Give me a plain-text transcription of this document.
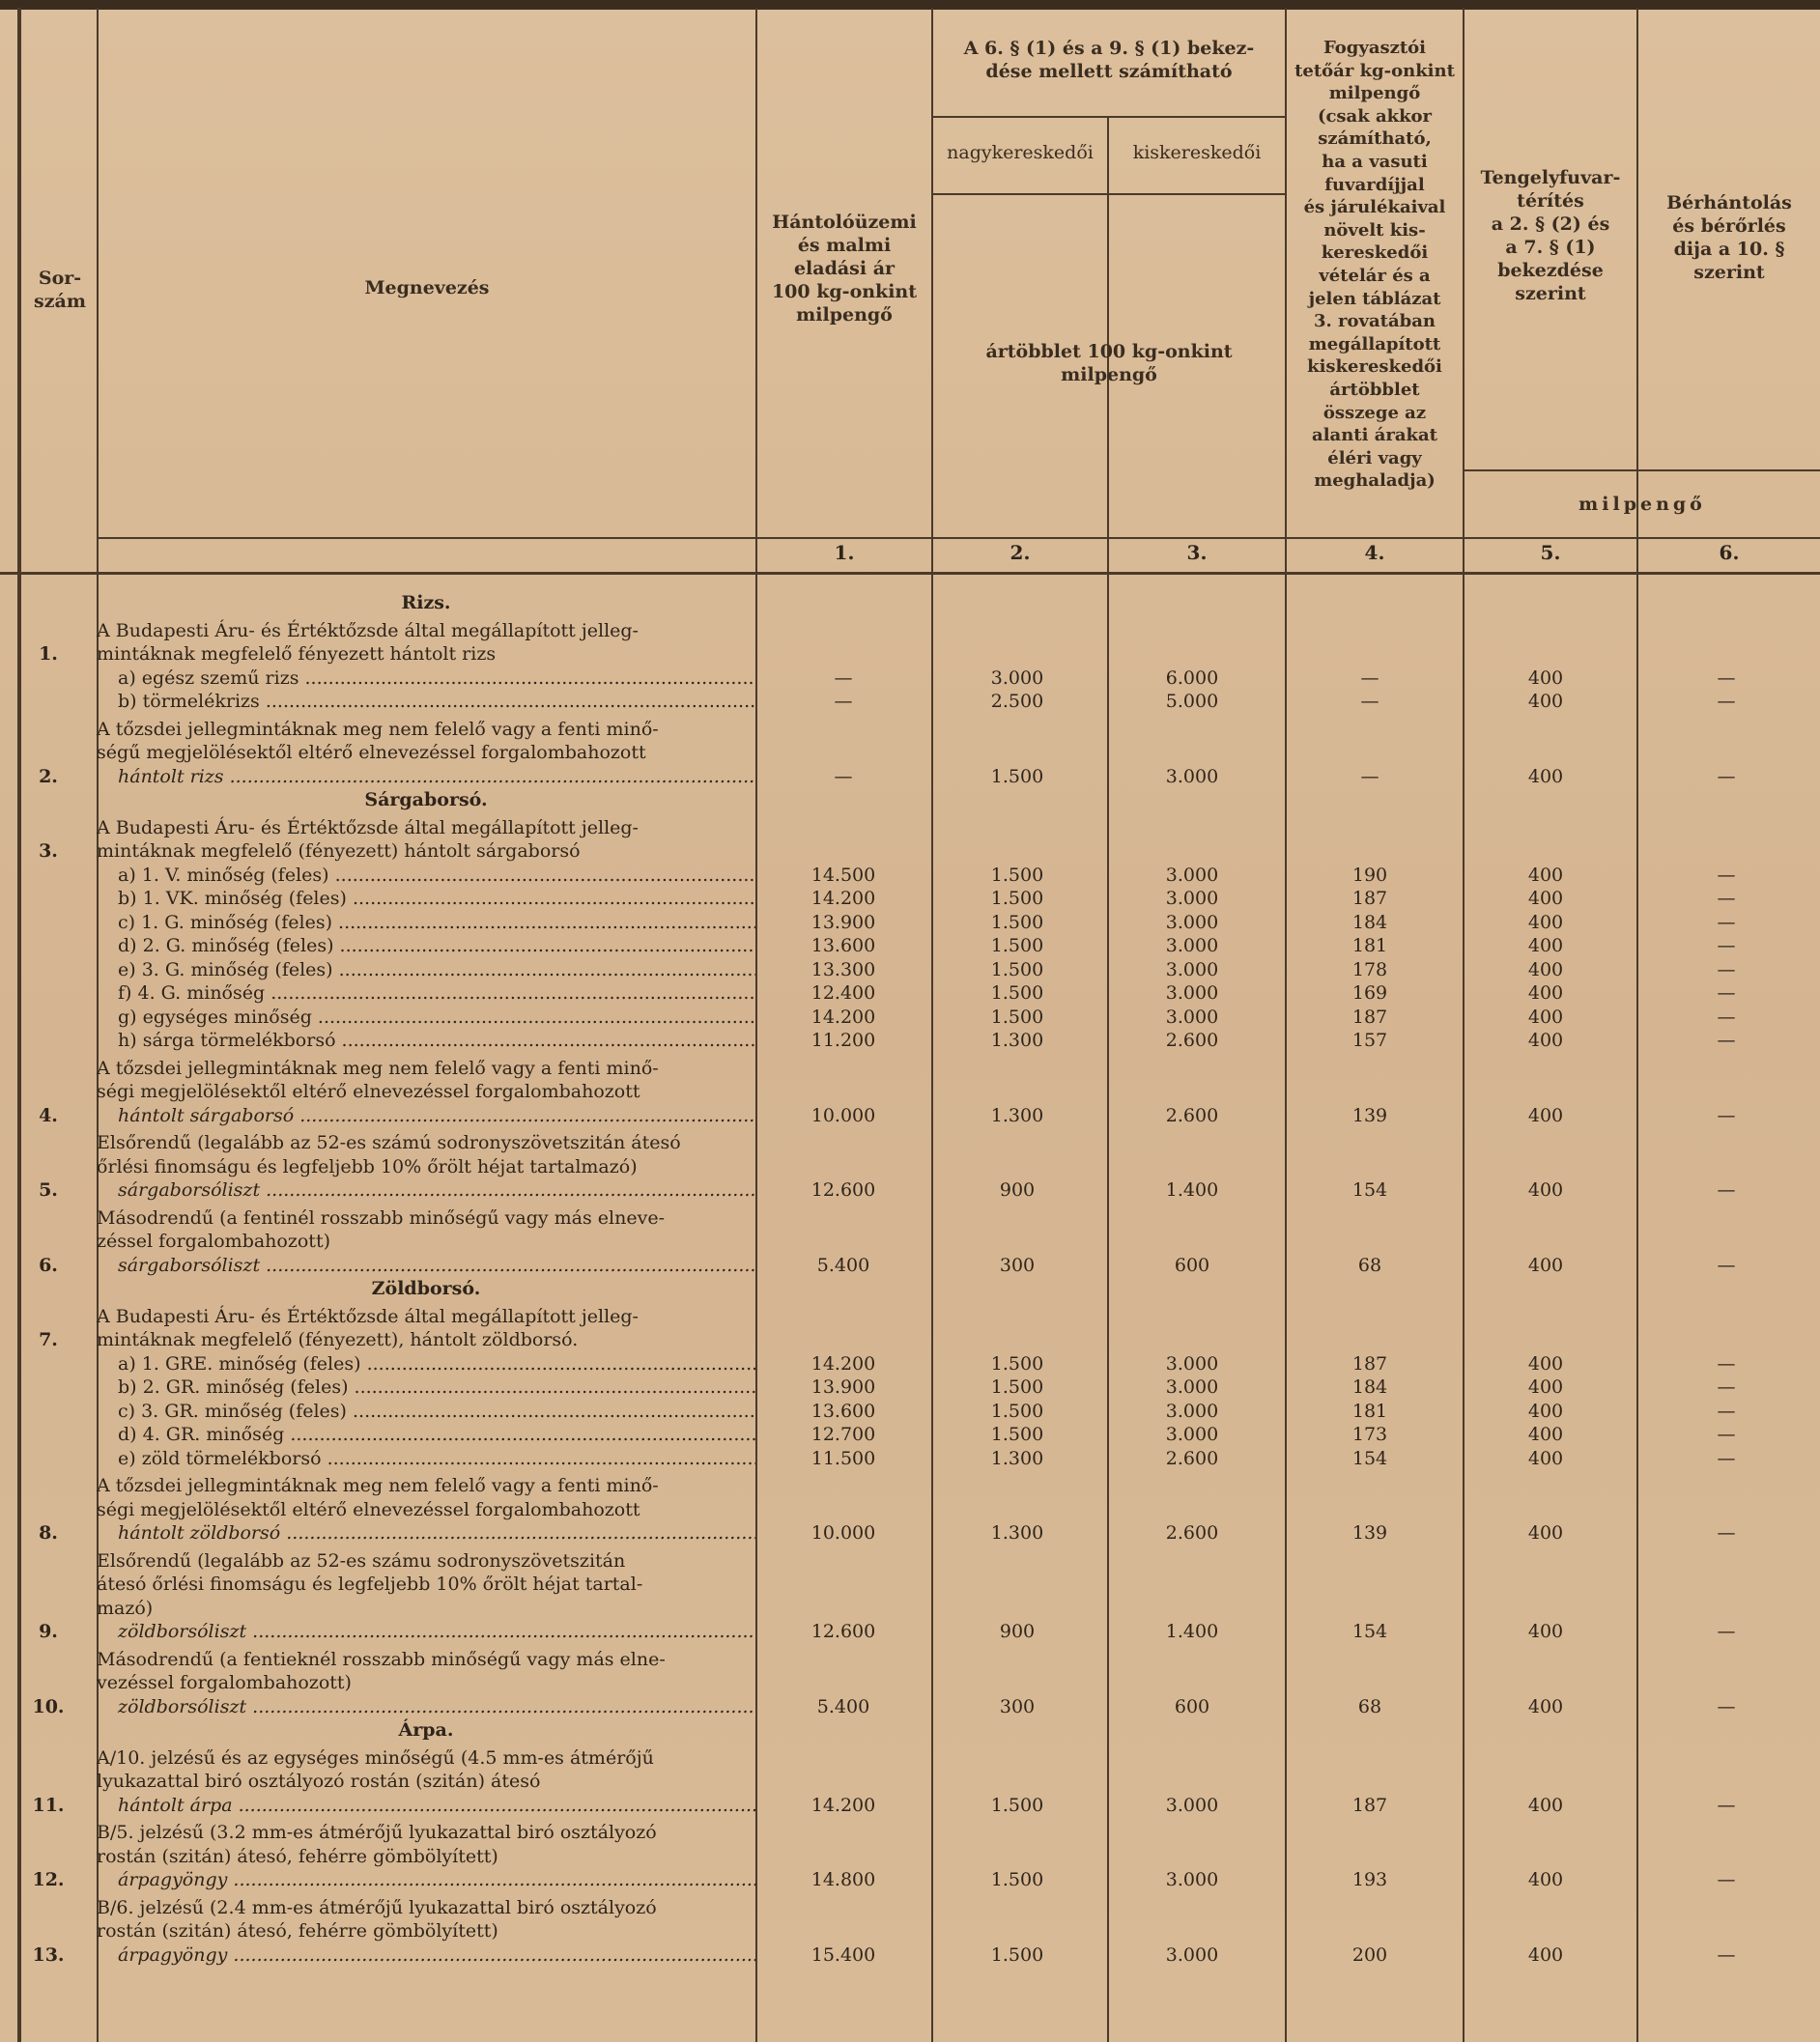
Sor-
szám
Megnevezés
Hántolóüzemi
és malmi
eladási ár
100 kg-onkint
milpengő
A 6. § (1) és a 9. § (1) bekez-
dése mellett számítható
nagykereskedői	kiskereskedői
ártöbblet 100 kg-onkint
milpengő
Fogyasztói
tetőár kg-onkint
milpengő
(csak akkor
számítható,
ha a vasuti
fuvardíjjal
és járulékaival
növelt kis-
kereskedői
vételár és a
jelen táblázat
3. rovatában
megállapított
kiskereskedői
ártöbblet
összege az
alanti árakat
éléri vagy
meghaladja)
Tengelyfuvar-
térítés
a 2. § (2) és
a 7. § (1)
bekezdése
szerint
Bérhántolás
és bérőrlés
dija a 10. §
szerint
milpengő
1.	2.	3.	4.	5.	6.
	Rizs.						
1.	A Budapesti Áru- és Értéktőzsde által megállapított jelleg-
mintáknak megfelelő fényezett hántolt rizs						

	a) egész szemű rizs .....	—	3.000	6.000	—	400	—

	b) törmelékrizs .....	—	2.500	5.000	—	400	—
2.	A tőzsdei jellegmintáknak meg nem felelő vagy a fenti minő-
ségű megjelölésektől eltérő elnevezéssel forgalombahozott
hántolt rizs .....	—	1.500	3.000	—	400	—
	Sárgaborsó.						
3.	A Budapesti Áru- és Értéktőzsde által megállapított jelleg-
mintáknak megfelelő (fényezett) hántolt sárgaborsó						

	a) 1. V. minőség (feles) .....	14.500	1.500	3.000	190	400	—

	b) 1. VK. minőség (feles) .....	14.200	1.500	3.000	187	400	—

	c) 1. G. minőség (feles) .....	13.900	1.500	3.000	184	400	—

	d) 2. G. minőség (feles) .....	13.600	1.500	3.000	181	400	—

	e) 3. G. minőség (feles) .....	13.300	1.500	3.000	178	400	—

	f) 4. G. minőség .....	12.400	1.500	3.000	169	400	—

	g) egységes minőség .....	14.200	1.500	3.000	187	400	—

	h) sárga törmelékborsó .....	11.200	1.300	2.600	157	400	—
4.	A tőzsdei jellegmintáknak meg nem felelő vagy a fenti minő-
ségi megjelölésektől eltérő elnevezéssel forgalombahozott
hántolt sárgaborsó .....	10.000	1.300	2.600	139	400	—
5.	Elsőrendű (legalább az 52-es számú sodronyszövetszitán átesó
őrlési finomságu és legfeljebb 10% őrölt héjat tartalmazó)
sárgaborsóliszt .....	12.600	900	1.400	154	400	—
6.	Másodrendű (a fentinél rosszabb minőségű vagy más elneve-
zéssel forgalombahozott)
sárgaborsóliszt .....	5.400	300	600	68	400	—
	Zöldborsó.						
7.	A Budapesti Áru- és Értéktőzsde által megállapított jelleg-
mintáknak megfelelő (fényezett), hántolt zöldborsó.						

	a) 1. GRE. minőség (feles) .....	14.200	1.500	3.000	187	400	—

	b) 2. GR. minőség (feles) .....	13.900	1.500	3.000	184	400	—

	c) 3. GR. minőség (feles) .....	13.600	1.500	3.000	181	400	—

	d) 4. GR. minőség .....	12.700	1.500	3.000	173	400	—

	e) zöld törmelékborsó .....	11.500	1.300	2.600	154	400	—
8.	A tőzsdei jellegmintáknak meg nem felelő vagy a fenti minő-
ségi megjelölésektől eltérő elnevezéssel forgalombahozott
hántolt zöldborsó .....	10.000	1.300	2.600	139	400	—
9.	Elsőrendű (legalább az 52-es számu sodronyszövetszitán
átesó őrlési finomságu és legfeljebb 10% őrölt héjat tartal-
mazó)
zöldborsóliszt .....	12.600	900	1.400	154	400	—
10.	Másodrendű (a fentieknél rosszabb minőségű vagy más elne-
vezéssel forgalombahozott)
zöldborsóliszt .....	5.400	300	600	68	400	—
	Árpa.						
11.	A/10. jelzésű és az egységes minőségű (4.5 mm-es átmérőjű
lyukazattal biró osztályozó rostán (szitán) átesó
hántolt árpa .....	14.200	1.500	3.000	187	400	—
12.	B/5. jelzésű (3.2 mm-es átmérőjű lyukazattal biró osztályozó
rostán (szitán) átesó, fehérre gömbölyített)
árpagyöngy .....	14.800	1.500	3.000	193	400	—
13.	B/6. jelzésű (2.4 mm-es átmérőjű lyukazattal biró osztályozó
rostán (szitán) átesó, fehérre gömbölyített)
árpagyöngy .....	15.400	1.500	3.000	200	400	—
